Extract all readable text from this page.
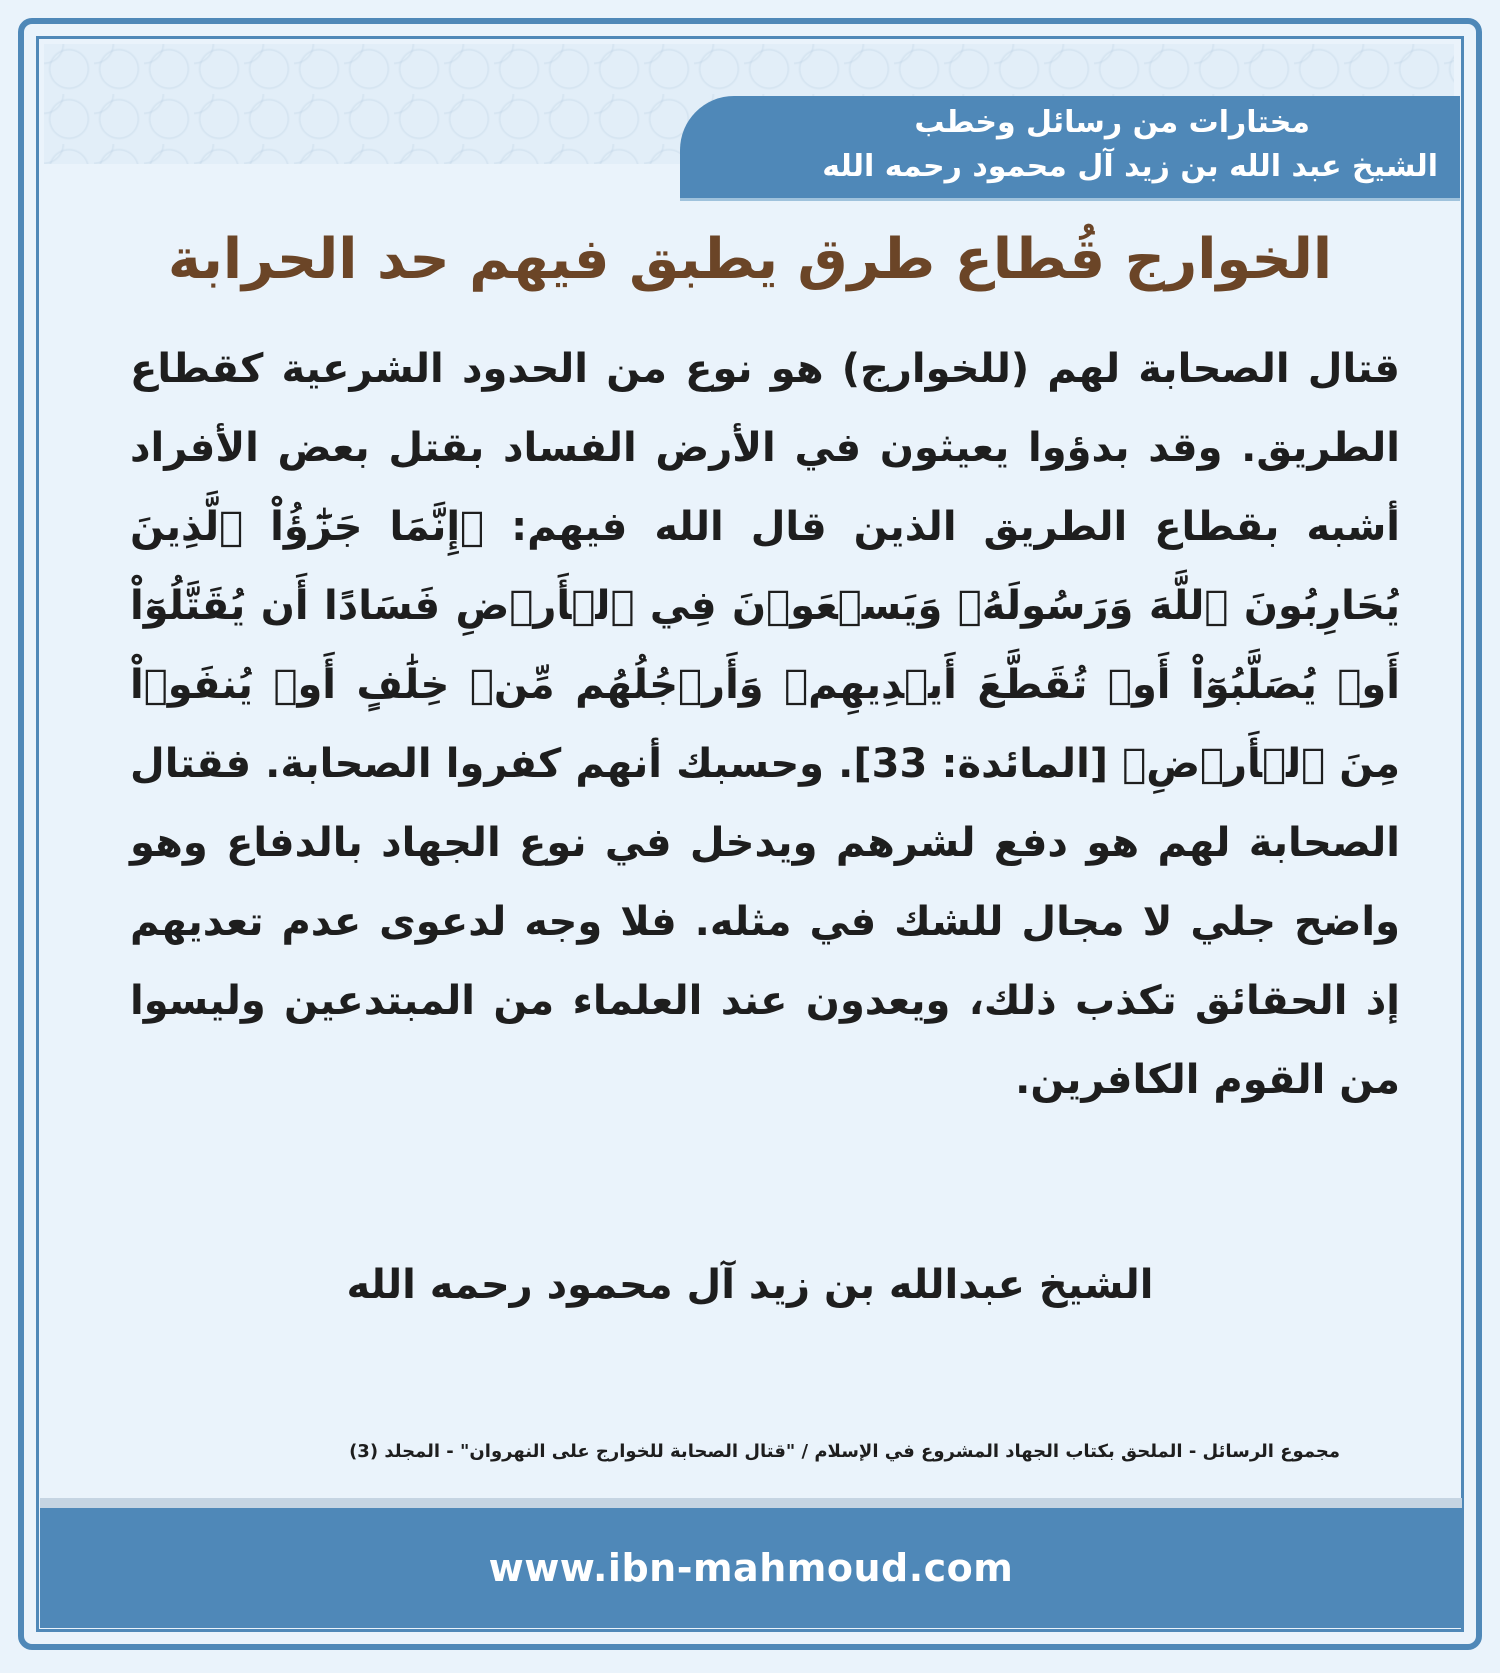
مختارات من رسائل وخطب
الشيخ عبد الله بن زيد آل محمود رحمه الله
الخوارج قُطاع طرق يطبق فيهم حد الحرابة

قتال الصحابة لهم (للخوارج) هو نوع من الحدود الشرعية كقطاع الطريق. وقد بدؤوا يعيثون في الأرض الفساد بقتل بعض الأفراد أشبه بقطاع الطريق الذين قال الله فيهم: ﴿إِنَّمَا جَزَٰٓؤُاْ ٱلَّذِينَ يُحَارِبُونَ ٱللَّهَ وَرَسُولَهُۥ وَيَسۡعَوۡنَ فِي ٱلۡأَرۡضِ فَسَادًا أَن يُقَتَّلُوٓاْ أَوۡ يُصَلَّبُوٓاْ أَوۡ تُقَطَّعَ أَيۡدِيهِمۡ وَأَرۡجُلُهُم مِّنۡ خِلَٰفٍ أَوۡ يُنفَوۡاْ مِنَ ٱلۡأَرۡضِ﴾ [المائدة: 33]. وحسبك أنهم كفروا الصحابة. فقتال الصحابة لهم هو دفع لشرهم ويدخل في نوع الجهاد بالدفاع وهو واضح جلي لا مجال للشك في مثله. فلا وجه لدعوى عدم تعديهم إذ الحقائق تكذب ذلك، ويعدون عند العلماء من المبتدعين وليسوا من القوم الكافرين.

الشيخ عبدالله بن زيد آل محمود رحمه الله
مجموع الرسائل - الملحق بكتاب الجهاد المشروع في الإسلام / "قتال الصحابة للخوارج على النهروان" - المجلد (3)
www.ibn-mahmoud.com
